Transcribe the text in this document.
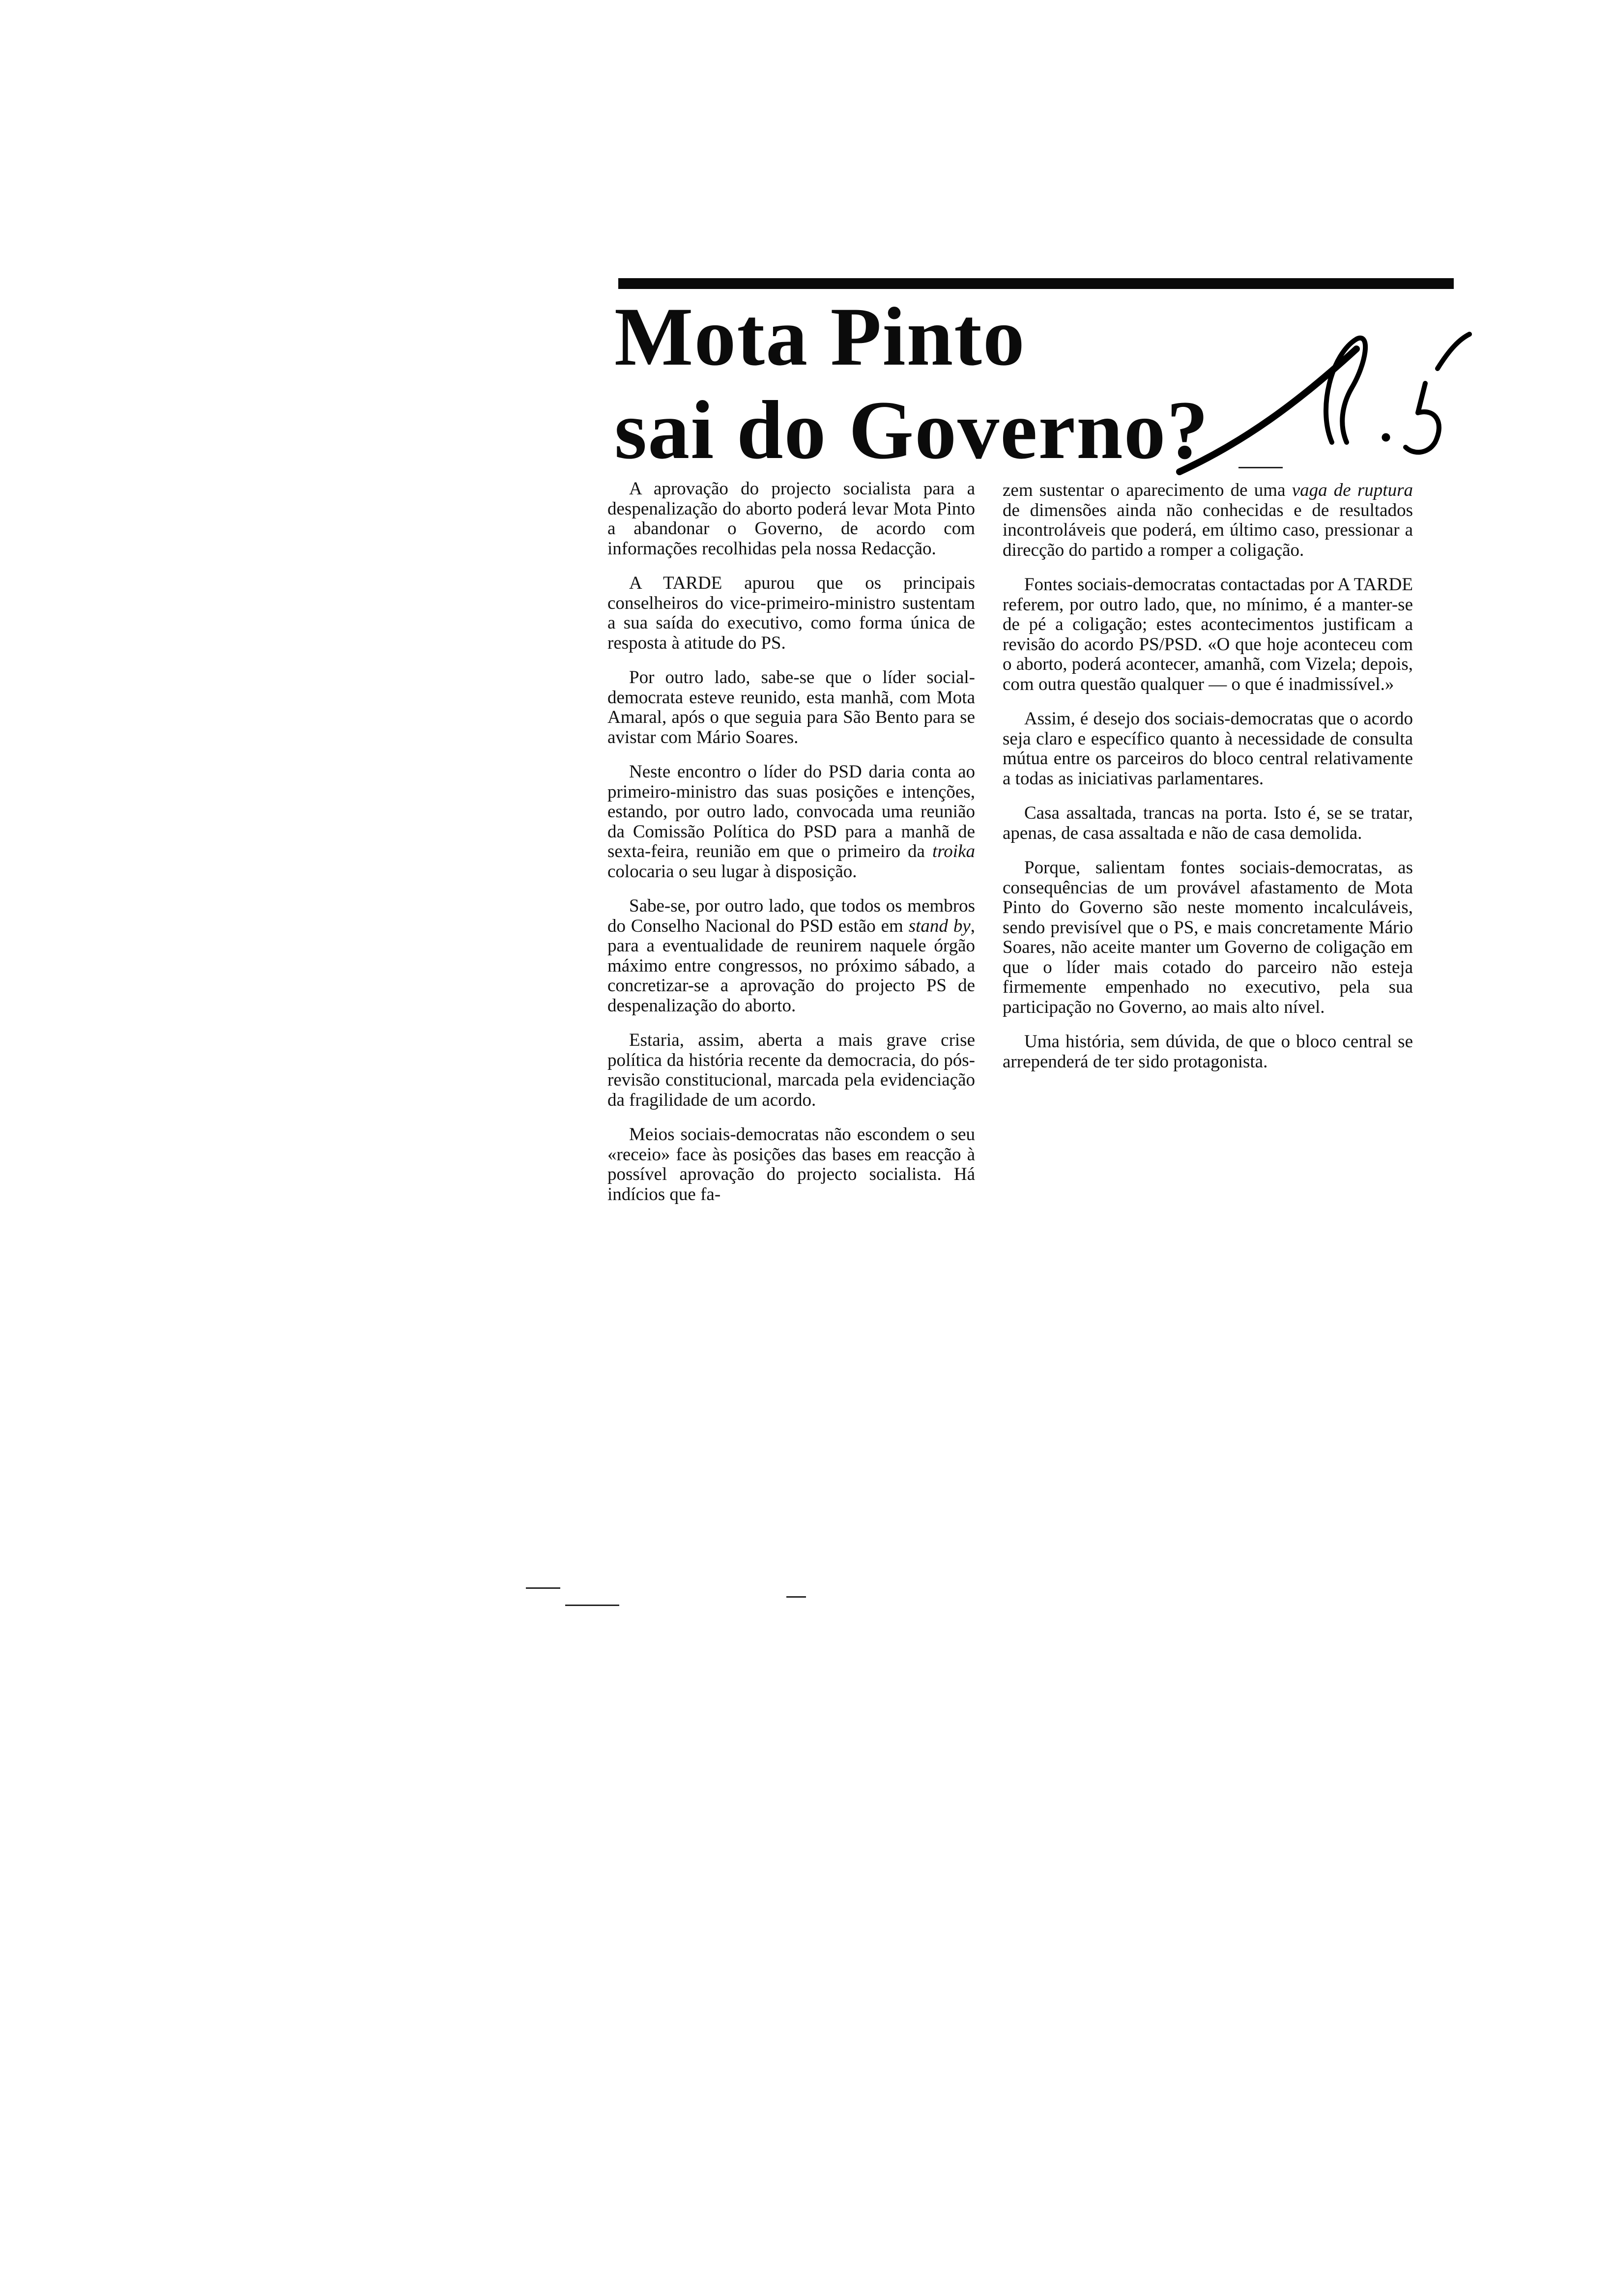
Mota Pinto
sai do Governo?

A aprovação do projecto socialista para a despenalização do aborto poderá levar Mota Pinto a abandonar o Governo, de acordo com informações recolhidas pela nossa Redacção.

A TARDE apurou que os principais conselheiros do vice-primeiro-ministro sustentam a sua saída do executivo, como forma única de resposta à atitude do PS.

Por outro lado, sabe-se que o líder social-democrata esteve reunido, esta manhã, com Mota Amaral, após o que seguia para São Bento para se avistar com Mário Soares.

Neste encontro o líder do PSD daria conta ao primeiro-ministro das suas posições e intenções, estando, por outro lado, convocada uma reunião da Comissão Política do PSD para a manhã de sexta-feira, reunião em que o primeiro da troika colocaria o seu lugar à disposição.

Sabe-se, por outro lado, que todos os membros do Conselho Nacional do PSD estão em stand by, para a eventualidade de reunirem naquele órgão máximo entre congressos, no próximo sábado, a concretizar-se a aprovação do projecto PS de despenalização do aborto.

Estaria, assim, aberta a mais grave crise política da história recente da democracia, do pós-revisão constitucional, marcada pela evidenciação da fragilidade de um acordo.

Meios sociais-democratas não escondem o seu «receio» face às posições das bases em reacção à possível aprovação do projecto socialista. Há indícios que fa-

zem sustentar o aparecimento de uma vaga de ruptura de dimensões ainda não conhecidas e de resultados incontroláveis que poderá, em último caso, pressionar a direcção do partido a romper a coligação.

Fontes sociais-democratas contactadas por A TARDE referem, por outro lado, que, no mínimo, é a manter-se de pé a coligação; estes acontecimentos justificam a revisão do acordo PS/PSD. «O que hoje aconteceu com o aborto, poderá acontecer, amanhã, com Vizela; depois, com outra questão qualquer — o que é inadmissível.»

Assim, é desejo dos sociais-democratas que o acordo seja claro e específico quanto à necessidade de consulta mútua entre os parceiros do bloco central relativamente a todas as iniciativas parlamentares.

Casa assaltada, trancas na porta. Isto é, se se tratar, apenas, de casa assaltada e não de casa demolida.

Porque, salientam fontes sociais-democratas, as consequências de um provável afastamento de Mota Pinto do Governo são neste momento incalculáveis, sendo previsível que o PS, e mais concretamente Mário Soares, não aceite manter um Governo de coligação em que o líder mais cotado do parceiro não esteja firmemente empenhado no executivo, pela sua participação no Governo, ao mais alto nível.

Uma história, sem dúvida, de que o bloco central se arrependerá de ter sido protagonista.
